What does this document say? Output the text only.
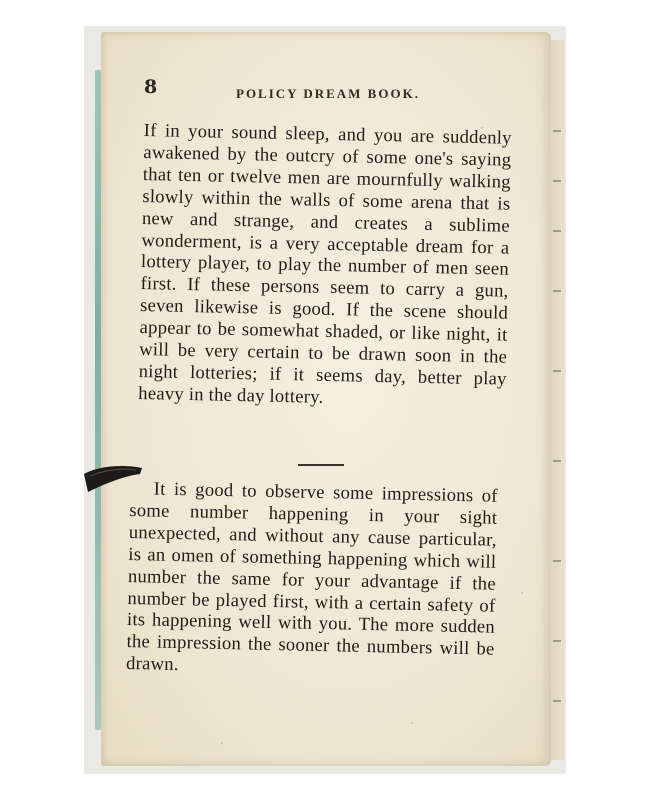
8	POLICY DREAM BOOK.

If in your sound sleep, and you are suddenly awakened by the outcry of some one's saying that ten or twelve men are mournfully walking slowly within the walls of some arena that is new and strange, and creates a sublime wonderment, is a very acceptable dream for a lottery player, to play the number of men seen first. If these persons seem to carry a gun, seven likewise is good. If the scene should appear to be somewhat shaded, or like night, it will be very certain to be drawn soon in the night lotteries; if it seems day, better play heavy in the day lottery.

It is good to observe some impressions of some number happening in your sight unexpected, and without any cause particular, is an omen of something happening which will number the same for your advantage if the number be played first, with a certain safety of its happening well with you. The more sudden the impression the sooner the numbers will be drawn.
